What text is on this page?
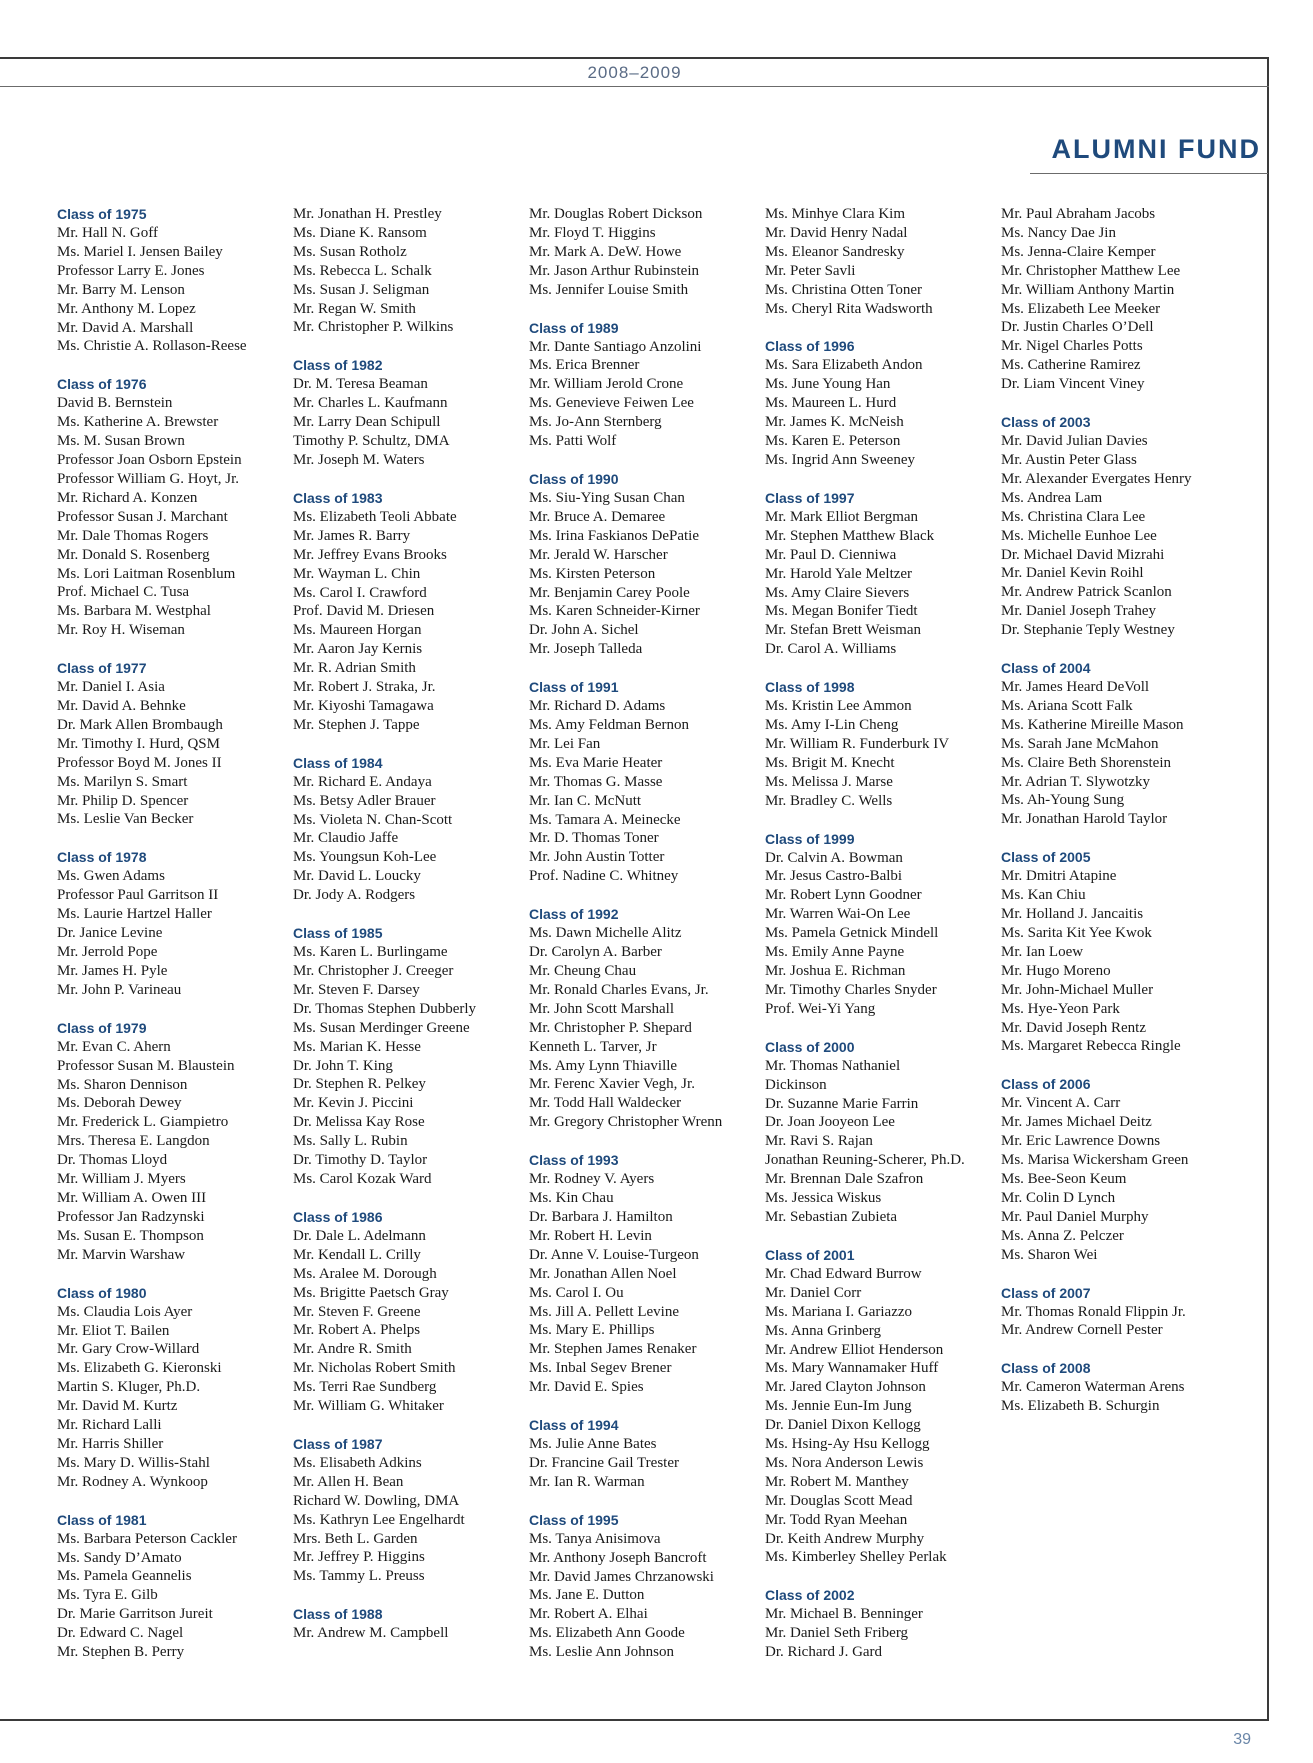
2008–2009
ALUMNI FUND
Class of 1975
Mr. Hall N. Goff
Ms. Mariel I. Jensen Bailey
Professor Larry E. Jones
Mr. Barry M. Lenson
Mr. Anthony M. Lopez
Mr. David A. Marshall
Ms. Christie A. Rollason-Reese
Class of 1976
David B. Bernstein
Ms. Katherine A. Brewster
Ms. M. Susan Brown
Professor Joan Osborn Epstein
Professor William G. Hoyt, Jr.
Mr. Richard A. Konzen
Professor Susan J. Marchant
Mr. Dale Thomas Rogers
Mr. Donald S. Rosenberg
Ms. Lori Laitman Rosenblum
Prof. Michael C. Tusa
Ms. Barbara M. Westphal
Mr. Roy H. Wiseman
Class of 1977
Mr. Daniel I. Asia
Mr. David A. Behnke
Dr. Mark Allen Brombaugh
Mr. Timothy I. Hurd, QSM
Professor Boyd M. Jones II
Ms. Marilyn S. Smart
Mr. Philip D. Spencer
Ms. Leslie Van Becker
Class of 1978
Ms. Gwen Adams
Professor Paul Garritson II
Ms. Laurie Hartzel Haller
Dr. Janice Levine
Mr. Jerrold Pope
Mr. James H. Pyle
Mr. John P. Varineau
Class of 1979
Mr. Evan C. Ahern
Professor Susan M. Blaustein
Ms. Sharon Dennison
Ms. Deborah Dewey
Mr. Frederick L. Giampietro
Mrs. Theresa E. Langdon
Dr. Thomas Lloyd
Mr. William J. Myers
Mr. William A. Owen III
Professor Jan Radzynski
Ms. Susan E. Thompson
Mr. Marvin Warshaw
Class of 1980
Ms. Claudia Lois Ayer
Mr. Eliot T. Bailen
Mr. Gary Crow-Willard
Ms. Elizabeth G. Kieronski
Martin S. Kluger, Ph.D.
Mr. David M. Kurtz
Mr. Richard Lalli
Mr. Harris Shiller
Ms. Mary D. Willis-Stahl
Mr. Rodney A. Wynkoop
Class of 1981
Ms. Barbara Peterson Cackler
Ms. Sandy D’Amato
Ms. Pamela Geannelis
Ms. Tyra E. Gilb
Dr. Marie Garritson Jureit
Dr. Edward C. Nagel
Mr. Stephen B. Perry
Mr. Jonathan H. Prestley
Ms. Diane K. Ransom
Ms. Susan Rotholz
Ms. Rebecca L. Schalk
Ms. Susan J. Seligman
Mr. Regan W. Smith
Mr. Christopher P. Wilkins
Class of 1982
Dr. M. Teresa Beaman
Mr. Charles L. Kaufmann
Mr. Larry Dean Schipull
Timothy P. Schultz, DMA
Mr. Joseph M. Waters
Class of 1983
Ms. Elizabeth Teoli Abbate
Mr. James R. Barry
Mr. Jeffrey Evans Brooks
Mr. Wayman L. Chin
Ms. Carol I. Crawford
Prof. David M. Driesen
Ms. Maureen Horgan
Mr. Aaron Jay Kernis
Mr. R. Adrian Smith
Mr. Robert J. Straka, Jr.
Mr. Kiyoshi Tamagawa
Mr. Stephen J. Tappe
Class of 1984
Mr. Richard E. Andaya
Ms. Betsy Adler Brauer
Ms. Violeta N. Chan-Scott
Mr. Claudio Jaffe
Ms. Youngsun Koh-Lee
Mr. David L. Loucky
Dr. Jody A. Rodgers
Class of 1985
Ms. Karen L. Burlingame
Mr. Christopher J. Creeger
Mr. Steven F. Darsey
Dr. Thomas Stephen Dubberly
Ms. Susan Merdinger Greene
Ms. Marian K. Hesse
Dr. John T. King
Dr. Stephen R. Pelkey
Mr. Kevin J. Piccini
Dr. Melissa Kay Rose
Ms. Sally L. Rubin
Dr. Timothy D. Taylor
Ms. Carol Kozak Ward
Class of 1986
Dr. Dale L. Adelmann
Mr. Kendall L. Crilly
Ms. Aralee M. Dorough
Ms. Brigitte Paetsch Gray
Mr. Steven F. Greene
Mr. Robert A. Phelps
Mr. Andre R. Smith
Mr. Nicholas Robert Smith
Ms. Terri Rae Sundberg
Mr. William G. Whitaker
Class of 1987
Ms. Elisabeth Adkins
Mr. Allen H. Bean
Richard W. Dowling, DMA
Ms. Kathryn Lee Engelhardt
Mrs. Beth L. Garden
Mr. Jeffrey P. Higgins
Ms. Tammy L. Preuss
Class of 1988
Mr. Andrew M. Campbell
Mr. Douglas Robert Dickson
Mr. Floyd T. Higgins
Mr. Mark A. DeW. Howe
Mr. Jason Arthur Rubinstein
Ms. Jennifer Louise Smith
Class of 1989
Mr. Dante Santiago Anzolini
Ms. Erica Brenner
Mr. William Jerold Crone
Ms. Genevieve Feiwen Lee
Ms. Jo-Ann Sternberg
Ms. Patti Wolf
Class of 1990
Ms. Siu-Ying Susan Chan
Mr. Bruce A. Demaree
Ms. Irina Faskianos DePatie
Mr. Jerald W. Harscher
Ms. Kirsten Peterson
Mr. Benjamin Carey Poole
Ms. Karen Schneider-Kirner
Dr. John A. Sichel
Mr. Joseph Talleda
Class of 1991
Mr. Richard D. Adams
Ms. Amy Feldman Bernon
Mr. Lei Fan
Ms. Eva Marie Heater
Mr. Thomas G. Masse
Mr. Ian C. McNutt
Ms. Tamara A. Meinecke
Mr. D. Thomas Toner
Mr. John Austin Totter
Prof. Nadine C. Whitney
Class of 1992
Ms. Dawn Michelle Alitz
Dr. Carolyn A. Barber
Mr. Cheung Chau
Mr. Ronald Charles Evans, Jr.
Mr. John Scott Marshall
Mr. Christopher P. Shepard
Kenneth L. Tarver, Jr
Ms. Amy Lynn Thiaville
Mr. Ferenc Xavier Vegh, Jr.
Mr. Todd Hall Waldecker
Mr. Gregory Christopher Wrenn
Class of 1993
Mr. Rodney V. Ayers
Ms. Kin Chau
Dr. Barbara J. Hamilton
Mr. Robert H. Levin
Dr. Anne V. Louise-Turgeon
Mr. Jonathan Allen Noel
Ms. Carol I. Ou
Ms. Jill A. Pellett Levine
Ms. Mary E. Phillips
Mr. Stephen James Renaker
Ms. Inbal Segev Brener
Mr. David E. Spies
Class of 1994
Ms. Julie Anne Bates
Dr. Francine Gail Trester
Mr. Ian R. Warman
Class of 1995
Ms. Tanya Anisimova
Mr. Anthony Joseph Bancroft
Mr. David James Chrzanowski
Ms. Jane E. Dutton
Mr. Robert A. Elhai
Ms. Elizabeth Ann Goode
Ms. Leslie Ann Johnson
Ms. Minhye Clara Kim
Mr. David Henry Nadal
Ms. Eleanor Sandresky
Mr. Peter Savli
Ms. Christina Otten Toner
Ms. Cheryl Rita Wadsworth
Class of 1996
Ms. Sara Elizabeth Andon
Ms. June Young Han
Ms. Maureen L. Hurd
Mr. James K. McNeish
Ms. Karen E. Peterson
Ms. Ingrid Ann Sweeney
Class of 1997
Mr. Mark Elliot Bergman
Mr. Stephen Matthew Black
Mr. Paul D. Cienniwa
Mr. Harold Yale Meltzer
Ms. Amy Claire Sievers
Ms. Megan Bonifer Tiedt
Mr. Stefan Brett Weisman
Dr. Carol A. Williams
Class of 1998
Ms. Kristin Lee Ammon
Ms. Amy I-Lin Cheng
Mr. William R. Funderburk IV
Ms. Brigit M. Knecht
Ms. Melissa J. Marse
Mr. Bradley C. Wells
Class of 1999
Dr. Calvin A. Bowman
Mr. Jesus Castro-Balbi
Mr. Robert Lynn Goodner
Mr. Warren Wai-On Lee
Ms. Pamela Getnick Mindell
Ms. Emily Anne Payne
Mr. Joshua E. Richman
Mr. Timothy Charles Snyder
Prof. Wei-Yi Yang
Class of 2000
Mr. Thomas Nathaniel
Dickinson
Dr. Suzanne Marie Farrin
Dr. Joan Jooyeon Lee
Mr. Ravi S. Rajan
Jonathan Reuning-Scherer, Ph.D.
Mr. Brennan Dale Szafron
Ms. Jessica Wiskus
Mr. Sebastian Zubieta
Class of 2001
Mr. Chad Edward Burrow
Mr. Daniel Corr
Ms. Mariana I. Gariazzo
Ms. Anna Grinberg
Mr. Andrew Elliot Henderson
Ms. Mary Wannamaker Huff
Mr. Jared Clayton Johnson
Ms. Jennie Eun-Im Jung
Dr. Daniel Dixon Kellogg
Ms. Hsing-Ay Hsu Kellogg
Ms. Nora Anderson Lewis
Mr. Robert M. Manthey
Mr. Douglas Scott Mead
Mr. Todd Ryan Meehan
Dr. Keith Andrew Murphy
Ms. Kimberley Shelley Perlak
Class of 2002
Mr. Michael B. Benninger
Mr. Daniel Seth Friberg
Dr. Richard J. Gard
Mr. Paul Abraham Jacobs
Ms. Nancy Dae Jin
Ms. Jenna-Claire Kemper
Mr. Christopher Matthew Lee
Mr. William Anthony Martin
Ms. Elizabeth Lee Meeker
Dr. Justin Charles O’Dell
Mr. Nigel Charles Potts
Ms. Catherine Ramirez
Dr. Liam Vincent Viney
Class of 2003
Mr. David Julian Davies
Mr. Austin Peter Glass
Mr. Alexander Evergates Henry
Ms. Andrea Lam
Ms. Christina Clara Lee
Ms. Michelle Eunhoe Lee
Dr. Michael David Mizrahi
Mr. Daniel Kevin Roihl
Mr. Andrew Patrick Scanlon
Mr. Daniel Joseph Trahey
Dr. Stephanie Teply Westney
Class of 2004
Mr. James Heard DeVoll
Ms. Ariana Scott Falk
Ms. Katherine Mireille Mason
Ms. Sarah Jane McMahon
Ms. Claire Beth Shorenstein
Mr. Adrian T. Slywotzky
Ms. Ah-Young Sung
Mr. Jonathan Harold Taylor
Class of 2005
Mr. Dmitri Atapine
Ms. Kan Chiu
Mr. Holland J. Jancaitis
Ms. Sarita Kit Yee Kwok
Mr. Ian Loew
Mr. Hugo Moreno
Mr. John-Michael Muller
Ms. Hye-Yeon Park
Mr. David Joseph Rentz
Ms. Margaret Rebecca Ringle
Class of 2006
Mr. Vincent A. Carr
Mr. James Michael Deitz
Mr. Eric Lawrence Downs
Ms. Marisa Wickersham Green
Ms. Bee-Seon Keum
Mr. Colin D Lynch
Mr. Paul Daniel Murphy
Ms. Anna Z. Pelczer
Ms. Sharon Wei
Class of 2007
Mr. Thomas Ronald Flippin Jr.
Mr. Andrew Cornell Pester
Class of 2008
Mr. Cameron Waterman Arens
Ms. Elizabeth B. Schurgin
39
